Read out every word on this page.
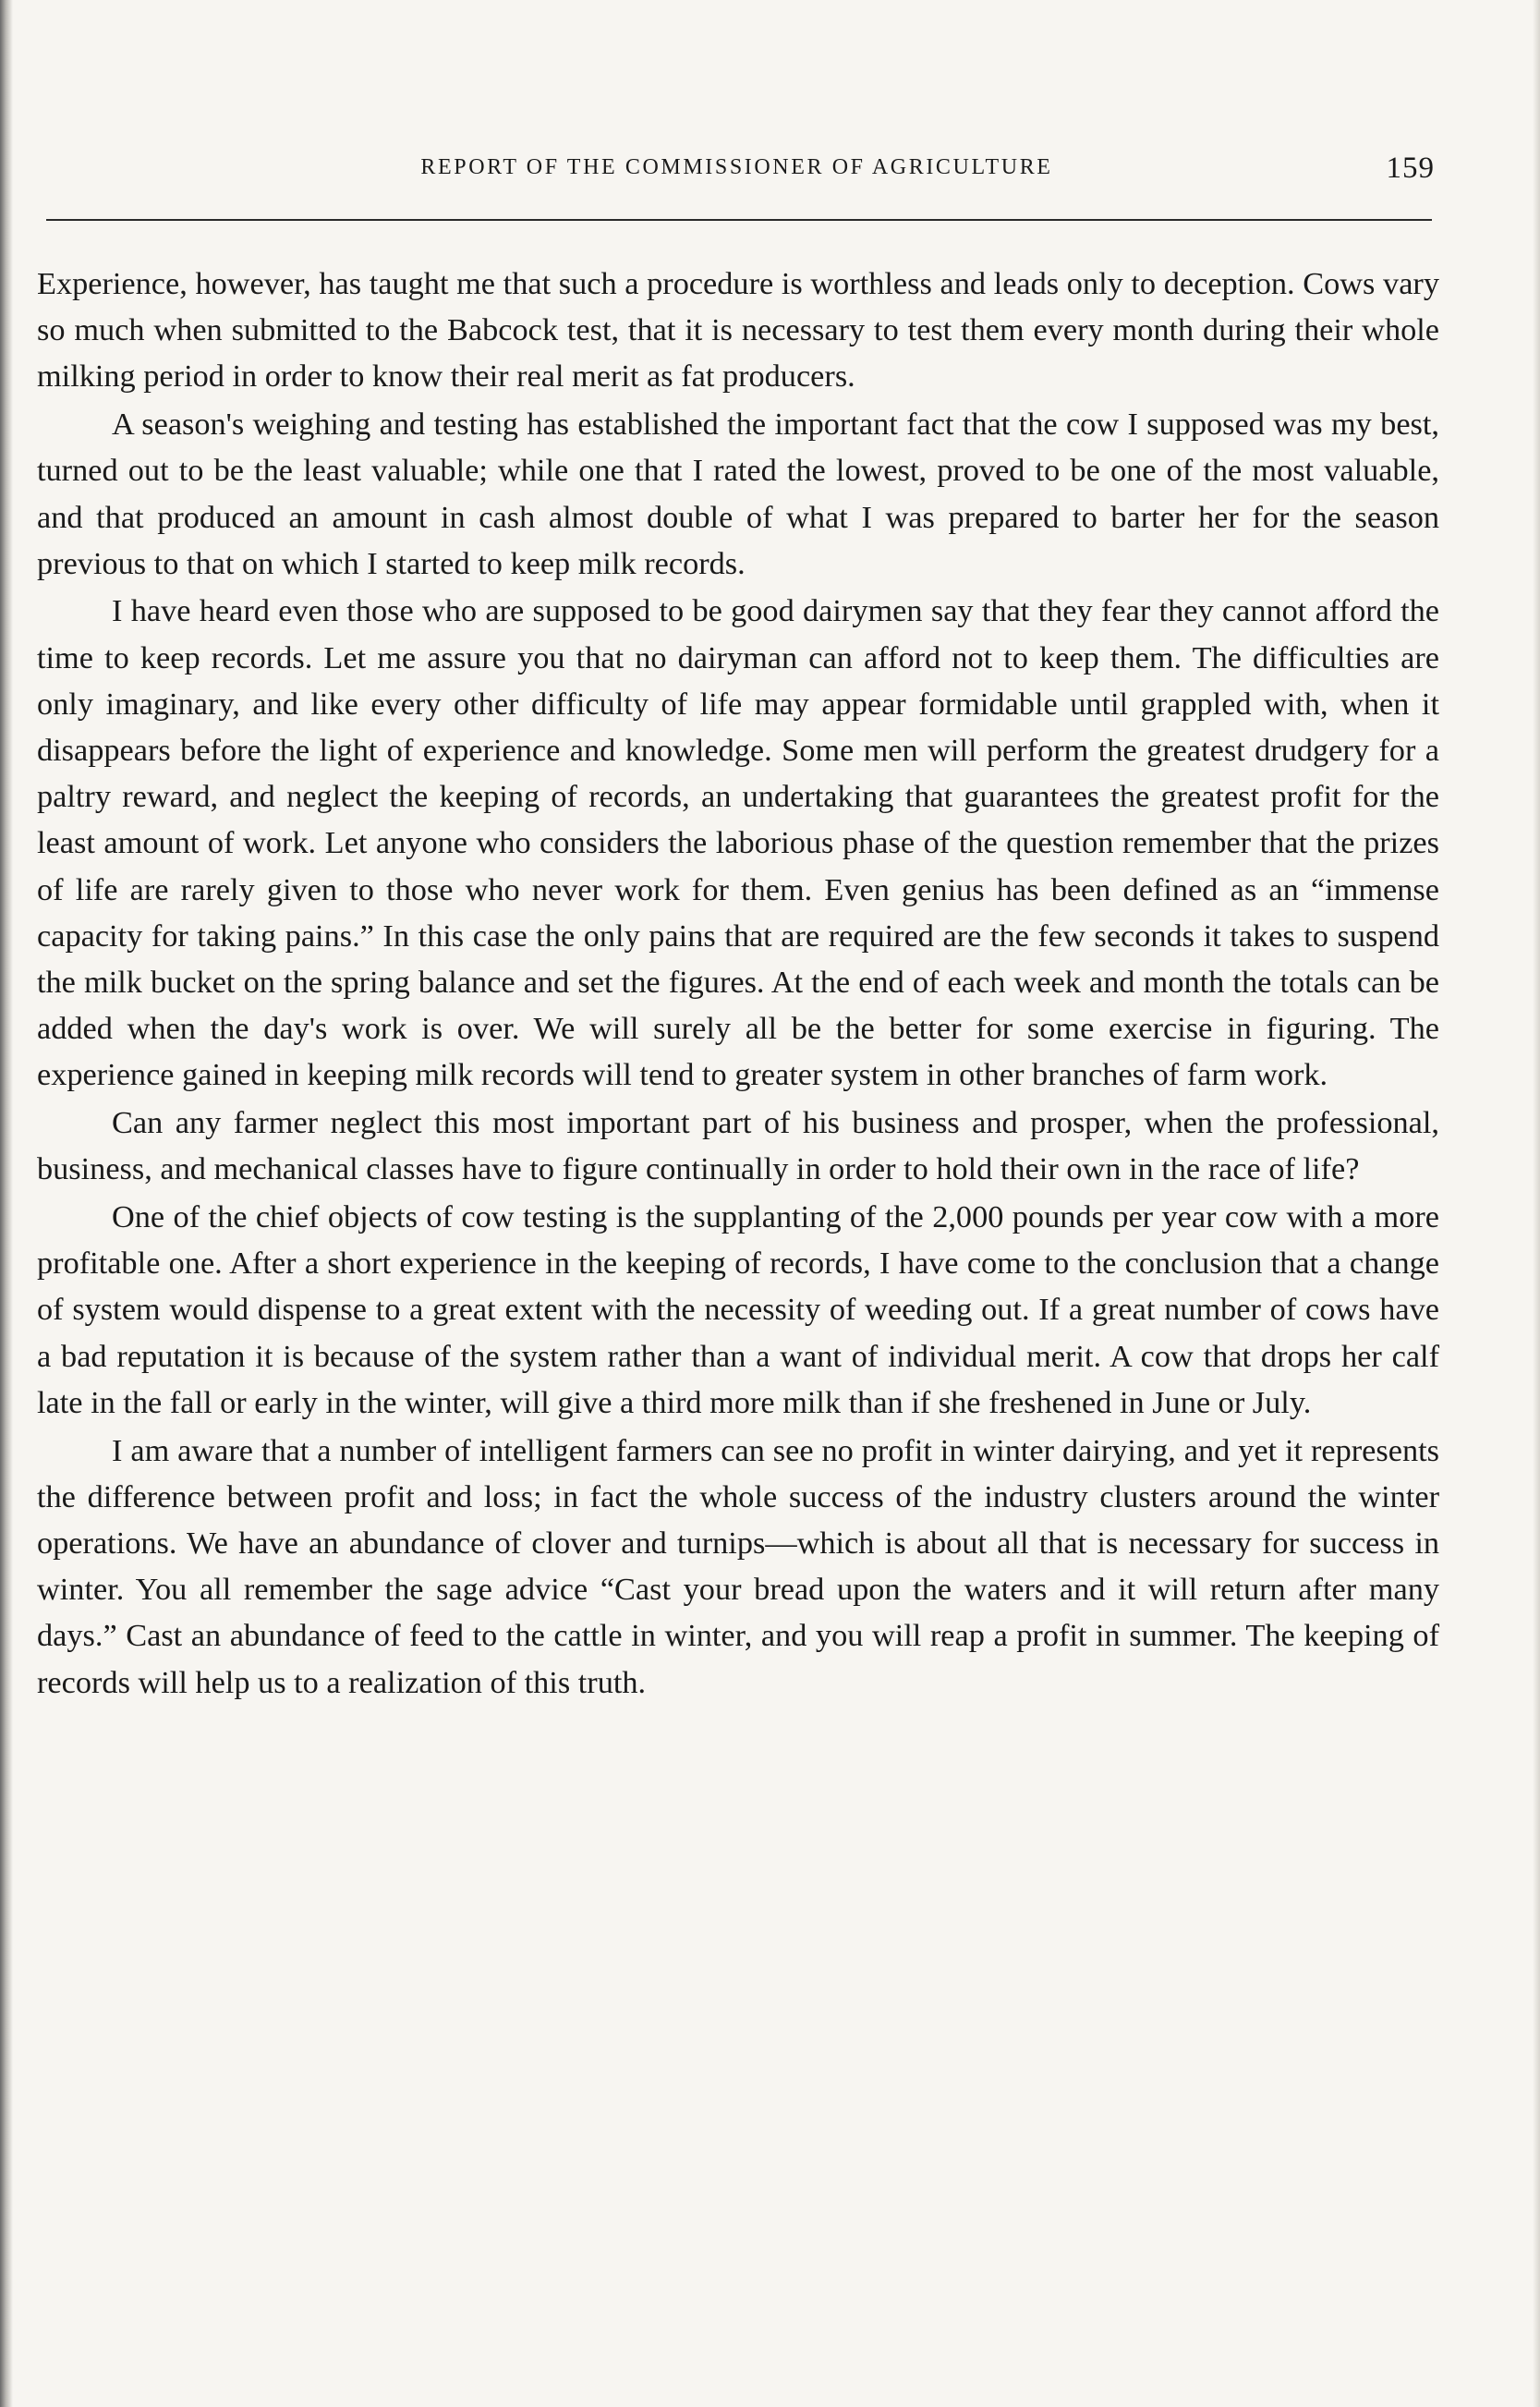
REPORT OF THE COMMISSIONER OF AGRICULTURE	159

Experience, however, has taught me that such a procedure is worthless and leads only to deception. Cows vary so much when submitted to the Babcock test, that it is necessary to test them every month during their whole milking period in order to know their real merit as fat producers.

A season's weighing and testing has established the important fact that the cow I supposed was my best, turned out to be the least valuable; while one that I rated the lowest, proved to be one of the most valuable, and that produced an amount in cash almost double of what I was prepared to barter her for the season previous to that on which I started to keep milk records.

I have heard even those who are supposed to be good dairymen say that they fear they cannot afford the time to keep records. Let me assure you that no dairyman can afford not to keep them. The difficulties are only imaginary, and like every other difficulty of life may appear formidable until grappled with, when it disappears before the light of experience and knowledge. Some men will perform the greatest drudgery for a paltry reward, and neglect the keeping of records, an undertaking that guarantees the greatest profit for the least amount of work. Let anyone who considers the laborious phase of the question remember that the prizes of life are rarely given to those who never work for them. Even genius has been defined as an “immense capacity for taking pains.” In this case the only pains that are required are the few seconds it takes to suspend the milk bucket on the spring balance and set the figures. At the end of each week and month the totals can be added when the day's work is over. We will surely all be the better for some exercise in figuring. The experience gained in keeping milk records will tend to greater system in other branches of farm work.

Can any farmer neglect this most important part of his business and prosper, when the professional, business, and mechanical classes have to figure continually in order to hold their own in the race of life?

One of the chief objects of cow testing is the supplanting of the 2,000 pounds per year cow with a more profitable one. After a short experience in the keeping of records, I have come to the conclusion that a change of system would dispense to a great extent with the necessity of weeding out. If a great number of cows have a bad reputation it is because of the system rather than a want of individual merit. A cow that drops her calf late in the fall or early in the winter, will give a third more milk than if she freshened in June or July.

I am aware that a number of intelligent farmers can see no profit in winter dairying, and yet it represents the difference between profit and loss; in fact the whole success of the industry clusters around the winter operations. We have an abundance of clover and turnips—which is about all that is necessary for success in winter. You all remember the sage advice “Cast your bread upon the waters and it will return after many days.” Cast an abundance of feed to the cattle in winter, and you will reap a profit in summer. The keeping of records will help us to a realization of this truth.
